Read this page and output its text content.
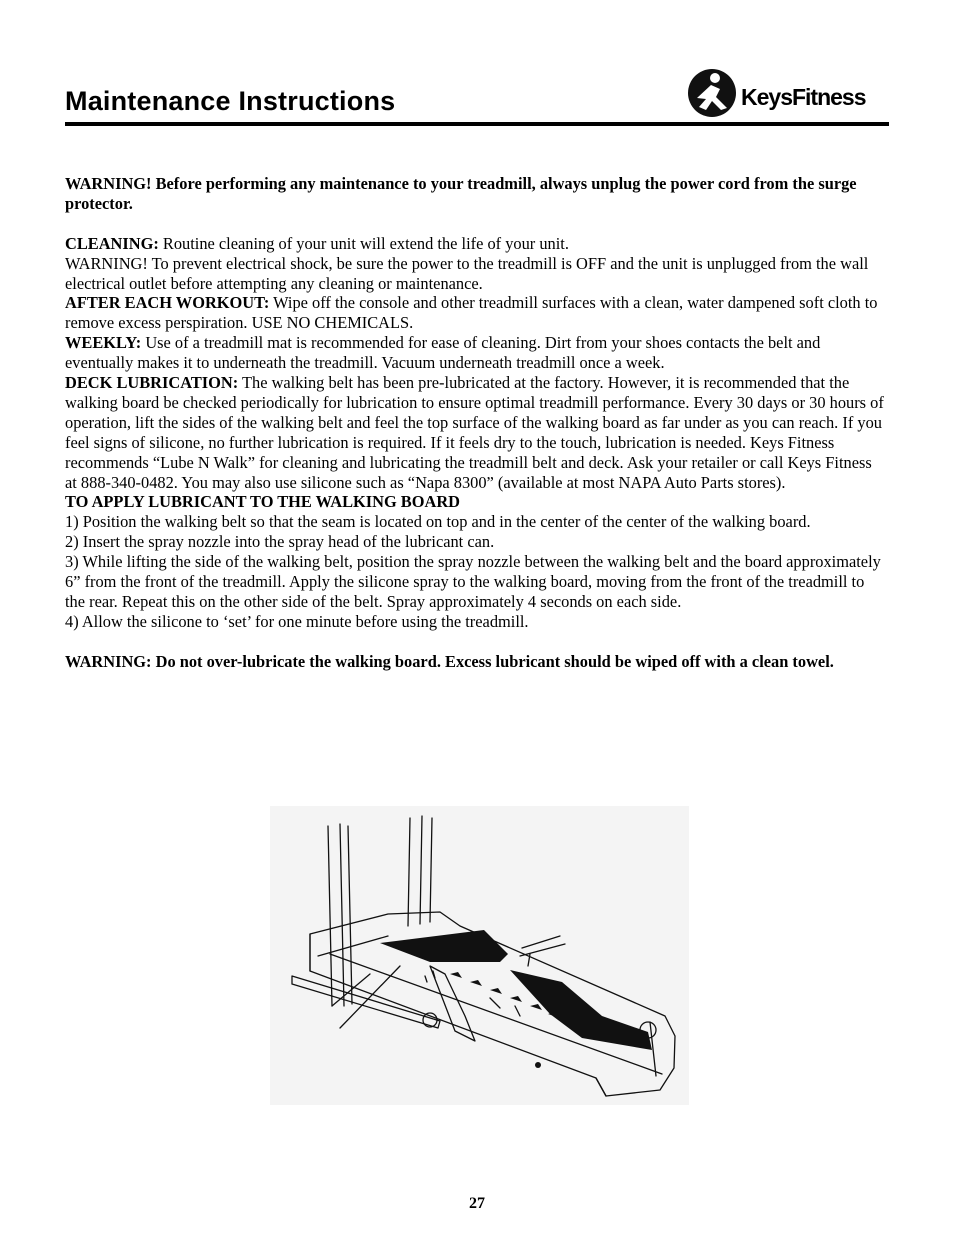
Maintenance Instructions	KeysFitness

WARNING! Before performing any maintenance to your treadmill, always unplug the power cord from the surge protector.

CLEANING: Routine cleaning of your unit will extend the life of your unit.

WARNING! To prevent electrical shock, be sure the power to the treadmill is OFF and the unit is unplugged from the wall electrical outlet before attempting any cleaning or maintenance.

AFTER EACH WORKOUT: Wipe off the console and other treadmill surfaces with a clean, water dampened soft cloth to remove excess perspiration. USE NO CHEMICALS.

WEEKLY: Use of a treadmill mat is recommended for ease of cleaning. Dirt from your shoes contacts the belt and eventually makes it to underneath the treadmill. Vacuum underneath treadmill once a week.

DECK LUBRICATION: The walking belt has been pre-lubricated at the factory. However, it is recommended that the walking board be checked periodically for lubrication to ensure optimal treadmill performance. Every 30 days or 30 hours of operation, lift the sides of the walking belt and feel the top surface of the walking board as far under as you can reach. If you feel signs of silicone, no further lubrication is required. If it feels dry to the touch, lubrication is needed. Keys Fitness recommends “Lube N Walk” for cleaning and lubricating the treadmill belt and deck. Ask your retailer or call Keys Fitness at 888-340-0482. You may also use silicone such as “Napa 8300” (available at most NAPA Auto Parts stores).

TO APPLY LUBRICANT TO THE WALKING BOARD

1) Position the walking belt so that the seam is located on top and in the center of the center of the walking board.

2) Insert the spray nozzle into the spray head of the lubricant can.

3) While lifting the side of the walking belt, position the spray nozzle between the walking belt and the board approximately 6” from the front of the treadmill. Apply the silicone spray to the walking board, moving from the front of the treadmill to the rear. Repeat this on the other side of the belt. Spray approximately 4 seconds on each side.

4) Allow the silicone to ‘set’ for one minute before using the treadmill.

WARNING: Do not over-lubricate the walking board. Excess lubricant should be wiped off with a clean towel.

27
